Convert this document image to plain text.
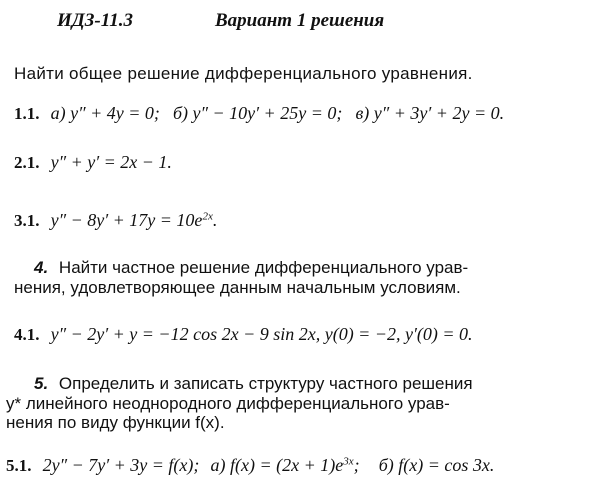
ИДЗ-11.3	Вариант 1 решения
Найти общее решение дифференциального уравнения.
1.1. а) y″ + 4y = 0; б) y″ − 10y′ + 25y = 0; в) y″ + 3y′ + 2y = 0.
2.1. y″ + y′ = 2x − 1.
3.1. $y'' - 8y' + 17y = 10e^{2x}$.
4. Найти частное решение дифференциального урав-
нения, удовлетворяющее данным начальным условиям.
4.1. y″ − 2y′ + y = −12 cos 2x − 9 sin 2x, y(0) = −2, y′(0) = 0.
5. Определить и записать структуру частного решения
y* линейного неоднородного дифференциального урав-
нения по виду функции f(x).
5.1. 2y″ − 7y′ + 3y = f(x); а) $f(x) = (2x + 1)e^{3x}$; б) f(x) = cos 3x.
